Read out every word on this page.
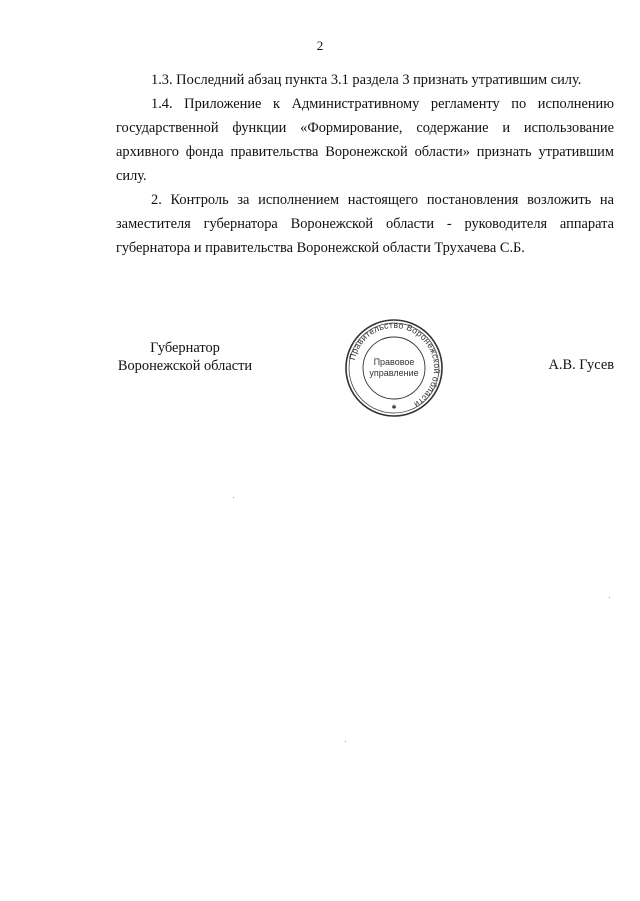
2

1.3. Последний абзац пункта 3.1 раздела 3 признать утратившим силу.

1.4. Приложение к Административному регламенту по исполнению государственной функции «Формирование, содержание и использование архивного фонда правительства Воронежской области» признать утратившим силу.

2. Контроль за исполнением настоящего постановления возложить на заместителя губернатора Воронежской области - руководителя аппарата губернатора и правительства Воронежской области Трухачева С.Б.

Губернатор
Воронежской области
Правительство Воронежской области
Правовое
управление
✱
А.В. Гусев
